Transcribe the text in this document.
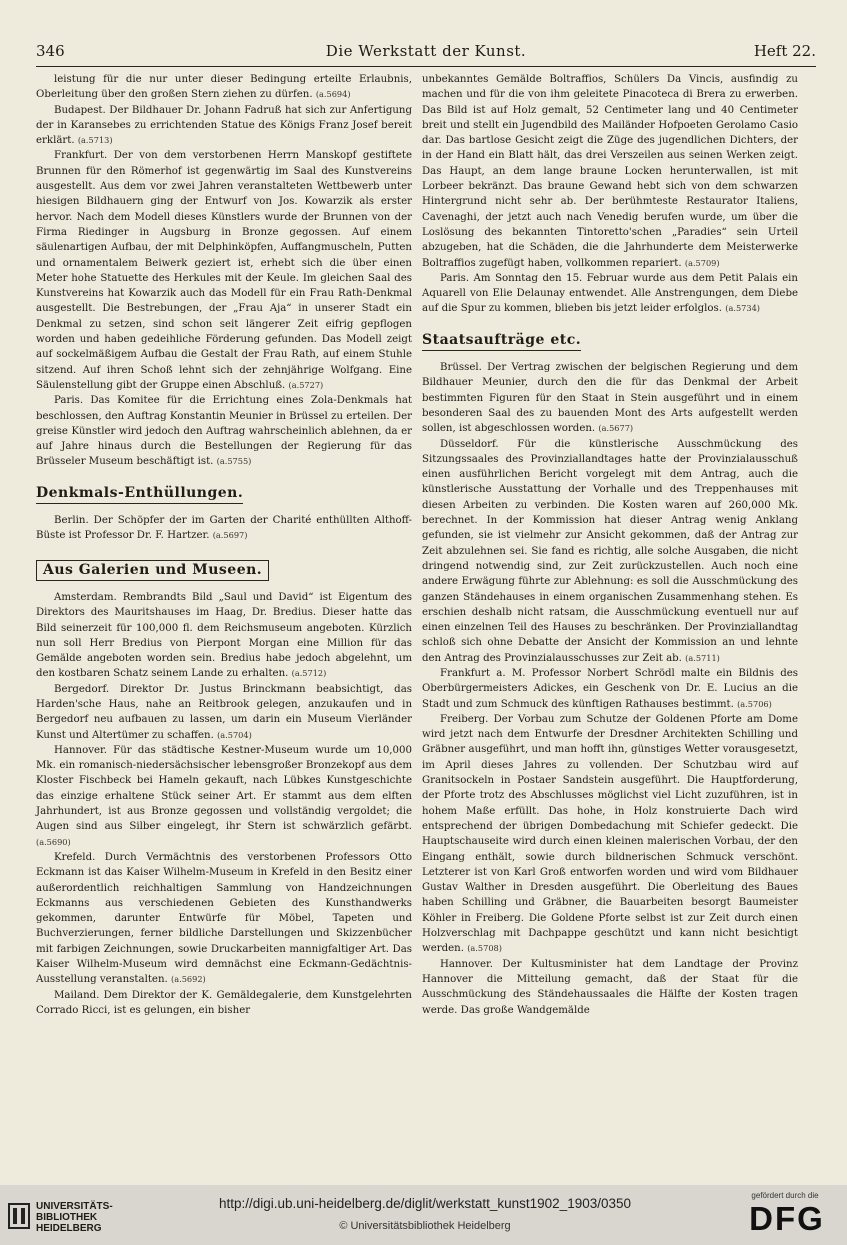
346	Die Werkstatt der Kunst.	Heft 22.

leistung für die nur unter dieser Bedingung erteilte Erlaubnis, Oberleitung über den großen Stern ziehen zu dürfen. (a.5694)

Budapest. Der Bildhauer Dr. Johann Fadruß hat sich zur Anfertigung der in Karansebes zu errichtenden Statue des Königs Franz Josef bereit erklärt. (a.5713)

Frankfurt. Der von dem verstorbenen Herrn Manskopf gestiftete Brunnen für den Römerhof ist gegenwärtig im Saal des Kunstvereins ausgestellt. Aus dem vor zwei Jahren veranstalteten Wettbewerb unter hiesigen Bildhauern ging der Entwurf von Jos. Kowarzik als erster hervor. Nach dem Modell dieses Künstlers wurde der Brunnen von der Firma Riedinger in Augsburg in Bronze gegossen. Auf einem säulenartigen Aufbau, der mit Delphinköpfen, Auffangmuscheln, Putten und ornamentalem Beiwerk geziert ist, erhebt sich die über einen Meter hohe Statuette des Herkules mit der Keule. Im gleichen Saal des Kunstvereins hat Kowarzik auch das Modell für ein Frau Rath-Denkmal ausgestellt. Die Bestrebungen, der „Frau Aja“ in unserer Stadt ein Denkmal zu setzen, sind schon seit längerer Zeit eifrig gepflogen worden und haben gedeihliche Förderung gefunden. Das Modell zeigt auf sockelmäßigem Aufbau die Gestalt der Frau Rath, auf einem Stuhle sitzend. Auf ihren Schoß lehnt sich der zehnjährige Wolfgang. Eine Säulenstellung gibt der Gruppe einen Abschluß. (a.5727)

Paris. Das Komitee für die Errichtung eines Zola-Denkmals hat beschlossen, den Auftrag Konstantin Meunier in Brüssel zu erteilen. Der greise Künstler wird jedoch den Auftrag wahrscheinlich ablehnen, da er auf Jahre hinaus durch die Bestellungen der Regierung für das Brüsseler Museum beschäftigt ist. (a.5755)

Denkmals-Enthüllungen.

Berlin. Der Schöpfer der im Garten der Charité enthüllten Althoff-Büste ist Professor Dr. F. Hartzer. (a.5697)

Aus Galerien und Museen.

Amsterdam. Rembrandts Bild „Saul und David“ ist Eigentum des Direktors des Mauritshauses im Haag, Dr. Bredius. Dieser hatte das Bild seinerzeit für 100,000 fl. dem Reichsmuseum angeboten. Kürzlich nun soll Herr Bredius von Pierpont Morgan eine Million für das Gemälde angeboten worden sein. Bredius habe jedoch abgelehnt, um den kostbaren Schatz seinem Lande zu erhalten. (a.5712)

Bergedorf. Direktor Dr. Justus Brinckmann beabsichtigt, das Harden'sche Haus, nahe an Reitbrook gelegen, anzukaufen und in Bergedorf neu aufbauen zu lassen, um darin ein Museum Vierländer Kunst und Altertümer zu schaffen. (a.5704)

Hannover. Für das städtische Kestner-Museum wurde um 10,000 Mk. ein romanisch-niedersächsischer lebensgroßer Bronzekopf aus dem Kloster Fischbeck bei Hameln gekauft, nach Lübkes Kunstgeschichte das einzige erhaltene Stück seiner Art. Er stammt aus dem elften Jahrhundert, ist aus Bronze gegossen und vollständig vergoldet; die Augen sind aus Silber eingelegt, ihr Stern ist schwärzlich gefärbt. (a.5690)

Krefeld. Durch Vermächtnis des verstorbenen Professors Otto Eckmann ist das Kaiser Wilhelm-Museum in Krefeld in den Besitz einer außerordentlich reichhaltigen Sammlung von Handzeichnungen Eckmanns aus verschiedenen Gebieten des Kunsthandwerks gekommen, darunter Entwürfe für Möbel, Tapeten und Buchverzierungen, ferner bildliche Darstellungen und Skizzenbücher mit farbigen Zeichnungen, sowie Druckarbeiten mannigfaltiger Art. Das Kaiser Wilhelm-Museum wird demnächst eine Eckmann-Gedächtnis-Ausstellung veranstalten. (a.5692)

Mailand. Dem Direktor der K. Gemäldegalerie, dem Kunstgelehrten Corrado Ricci, ist es gelungen, ein bisher

unbekanntes Gemälde Boltraffios, Schülers Da Vincis, ausfindig zu machen und für die von ihm geleitete Pinacoteca di Brera zu erwerben. Das Bild ist auf Holz gemalt, 52 Centimeter lang und 40 Centimeter breit und stellt ein Jugendbild des Mailänder Hofpoeten Gerolamo Casio dar. Das bartlose Gesicht zeigt die Züge des jugendlichen Dichters, der in der Hand ein Blatt hält, das drei Verszeilen aus seinen Werken zeigt. Das Haupt, an dem lange braune Locken herunterwallen, ist mit Lorbeer bekränzt. Das braune Gewand hebt sich von dem schwarzen Hintergrund nicht sehr ab. Der berühmteste Restaurator Italiens, Cavenaghi, der jetzt auch nach Venedig berufen wurde, um über die Loslösung des bekannten Tintoretto'schen „Paradies“ sein Urteil abzugeben, hat die Schäden, die die Jahrhunderte dem Meisterwerke Boltraffios zugefügt haben, vollkommen repariert. (a.5709)

Paris. Am Sonntag den 15. Februar wurde aus dem Petit Palais ein Aquarell von Elie Delaunay entwendet. Alle Anstrengungen, dem Diebe auf die Spur zu kommen, blieben bis jetzt leider erfolglos. (a.5734)

Staatsaufträge etc.

Brüssel. Der Vertrag zwischen der belgischen Regierung und dem Bildhauer Meunier, durch den die für das Denkmal der Arbeit bestimmten Figuren für den Staat in Stein ausgeführt und in einem besonderen Saal des zu bauenden Mont des Arts aufgestellt werden sollen, ist abgeschlossen worden. (a.5677)

Düsseldorf. Für die künstlerische Ausschmückung des Sitzungssaales des Provinziallandtages hatte der Provinzialausschuß einen ausführlichen Bericht vorgelegt mit dem Antrag, auch die künstlerische Ausstattung der Vorhalle und des Treppenhauses mit diesen Arbeiten zu verbinden. Die Kosten waren auf 260,000 Mk. berechnet. In der Kommission hat dieser Antrag wenig Anklang gefunden, sie ist vielmehr zur Ansicht gekommen, daß der Antrag zur Zeit abzulehnen sei. Sie fand es richtig, alle solche Ausgaben, die nicht dringend notwendig sind, zur Zeit zurückzustellen. Auch noch eine andere Erwägung führte zur Ablehnung: es soll die Ausschmückung des ganzen Ständehauses in einem organischen Zusammenhang stehen. Es erschien deshalb nicht ratsam, die Ausschmückung eventuell nur auf einen einzelnen Teil des Hauses zu beschränken. Der Provinziallandtag schloß sich ohne Debatte der Ansicht der Kommission an und lehnte den Antrag des Provinzialausschusses zur Zeit ab. (a.5711)

Frankfurt a. M. Professor Norbert Schrödl malte ein Bildnis des Oberbürgermeisters Adickes, ein Geschenk von Dr. E. Lucius an die Stadt und zum Schmuck des künftigen Rathauses bestimmt. (a.5706)

Freiberg. Der Vorbau zum Schutze der Goldenen Pforte am Dome wird jetzt nach dem Entwurfe der Dresdner Architekten Schilling und Gräbner ausgeführt, und man hofft ihn, günstiges Wetter vorausgesetzt, im April dieses Jahres zu vollenden. Der Schutzbau wird auf Granitsockeln in Postaer Sandstein ausgeführt. Die Hauptforderung, der Pforte trotz des Abschlusses möglichst viel Licht zuzuführen, ist in hohem Maße erfüllt. Das hohe, in Holz konstruierte Dach wird entsprechend der übrigen Dombedachung mit Schiefer gedeckt. Die Hauptschauseite wird durch einen kleinen malerischen Vorbau, der den Eingang enthält, sowie durch bildnerischen Schmuck verschönt. Letzterer ist von Karl Groß entworfen worden und wird vom Bildhauer Gustav Walther in Dresden ausgeführt. Die Oberleitung des Baues haben Schilling und Gräbner, die Bauarbeiten besorgt Baumeister Köhler in Freiberg. Die Goldene Pforte selbst ist zur Zeit durch einen Holzverschlag mit Dachpappe geschützt und kann nicht besichtigt werden. (a.5708)

Hannover. Der Kultusminister hat dem Landtage der Provinz Hannover die Mitteilung gemacht, daß der Staat für die Ausschmückung des Ständehaussaales die Hälfte der Kosten tragen werde. Das große Wandgemälde

UNIVERSITÄTS-
BIBLIOTHEK
HEIDELBERG
http://digi.ub.uni-heidelberg.de/diglit/werkstatt_kunst1902_1903/0350
© Universitätsbibliothek Heidelberg
gefördert durch die
DFG
